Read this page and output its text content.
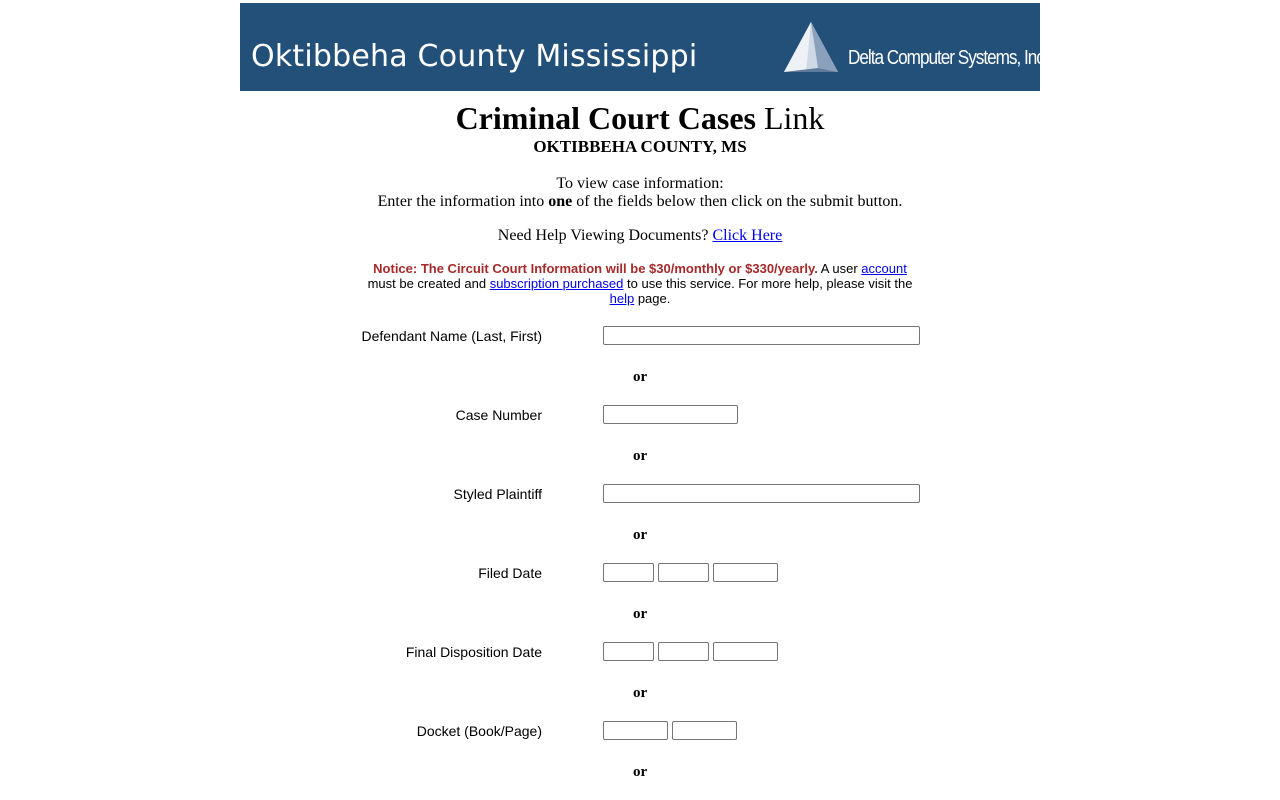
Oktibbeha County Mississippi	Delta Computer Systems, Inc.
Criminal Court Cases Link
OKTIBBEHA COUNTY, MS
To view case information:
Enter the information into one of the fields below then click on the submit button.
Need Help Viewing Documents? Click Here
Notice: The Circuit Court Information will be $30/monthly or $330/yearly. A user account must be created and subscription purchased to use this service. For more help, please visit the help page.
Defendant Name (Last, First)
or
Case Number
or
Styled Plaintiff
or
Filed Date
or
Final Disposition Date
or
Docket (Book/Page)
or
